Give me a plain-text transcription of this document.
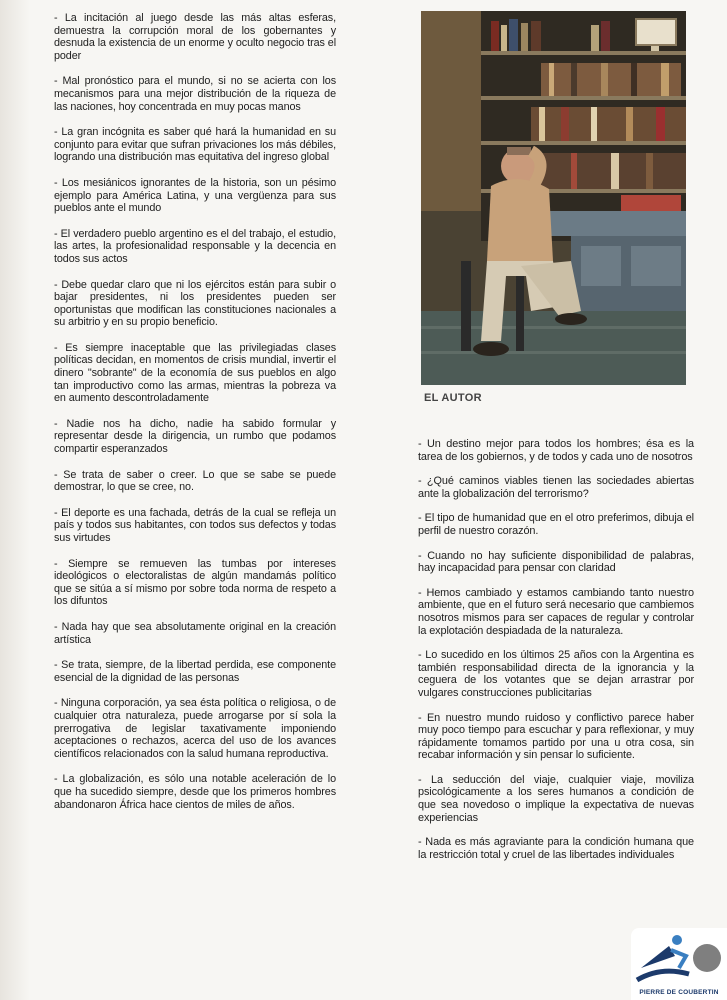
- La incitación al juego desde las más altas esferas, demuestra la corrupción moral de los gobernantes y desnuda la existencia de un enorme y oculto negocio tras el poder

- Mal pronóstico para el mundo, si no se acierta con los mecanismos para una mejor distribución de la riqueza de las naciones, hoy concentrada en muy pocas manos

- La gran incógnita es saber qué hará la humanidad en su conjunto para evitar que sufran privaciones los más débiles, logrando una distribución mas equitativa del ingreso global

- Los mesiánicos ignorantes de la historia, son un pésimo ejemplo para América Latina, y una vergüenza para sus pueblos ante el mundo

- El verdadero pueblo argentino es el del trabajo, el estudio, las artes, la profesionalidad responsable y la decencia en todos sus actos

- Debe quedar claro que ni los ejércitos están para subir o bajar presidentes, ni los presidentes pueden ser oportunistas que modifican las constituciones nacionales a su arbitrio y en su propio beneficio.

- Es siempre inaceptable que las privilegiadas clases políticas decidan, en momentos de crisis mundial, invertir el dinero "sobrante" de la economía de sus pueblos en algo tan improductivo como las armas, mientras la pobreza va en aumento descontroladamente

- Nadie nos ha dicho, nadie ha sabido formular y representar desde la dirigencia, un rumbo que podamos compartir esperanzados

- Se trata de saber o creer. Lo que se sabe se puede demostrar, lo que se cree, no.

- El deporte es una fachada, detrás de la cual se refleja un país y todos sus habitantes, con todos sus defectos y todas sus virtudes

- Siempre se remueven las tumbas por intereses ideológicos o electoralistas de algún mandamás político que se sitúa a sí mismo por sobre toda norma de respeto a los difuntos

- Nada hay que sea absolutamente original en la creación artística

- Se trata, siempre, de la libertad perdida, ese componente esencial de la dignidad de las personas

- Ninguna corporación, ya sea ésta política o religiosa, o de cualquier otra naturaleza, puede arrogarse por sí sola la prerrogativa de legislar taxativamente imponiendo aceptaciones o rechazos, acerca del uso de los avances científicos relacionados con la salud humana reproductiva.

- La globalización, es sólo una notable aceleración de lo que ha sucedido siempre, desde que los primeros hombres abandonaron África hace cientos de miles de años.

EL AUTOR

- Un destino mejor para todos los hombres; ésa es la tarea de los gobiernos, y de todos y cada uno de nosotros

- ¿Qué caminos viables tienen las sociedades abiertas ante la globalización del terrorismo?

- El tipo de humanidad que en el otro preferimos, dibuja el perfil de nuestro corazón.

- Cuando no hay suficiente disponibilidad de palabras, hay incapacidad para pensar con claridad

- Hemos cambiado y estamos cambiando tanto nuestro ambiente, que en el futuro será necesario que cambiemos nosotros mismos para ser capaces de regular y controlar la explotación despiadada de la naturaleza.

- Lo sucedido en los últimos 25 años con la Argentina es también responsabilidad directa de la ignorancia y la ceguera de los votantes que se dejan arrastrar por vulgares construcciones publicitarias

- En nuestro mundo ruidoso y conflictivo parece haber muy poco tiempo para escuchar y para reflexionar, y muy rápidamente tomamos partido por una u otra cosa, sin recabar información y sin pensar lo suficiente.

- La seducción del viaje, cualquier viaje, moviliza psicológicamente a los seres humanos a condición de que sea novedoso o implique la expectativa de nuevas experiencias

- Nada es más agraviante para la condición humana que la restricción total y cruel de las libertades individuales

PIERRE DE COUBERTIN
